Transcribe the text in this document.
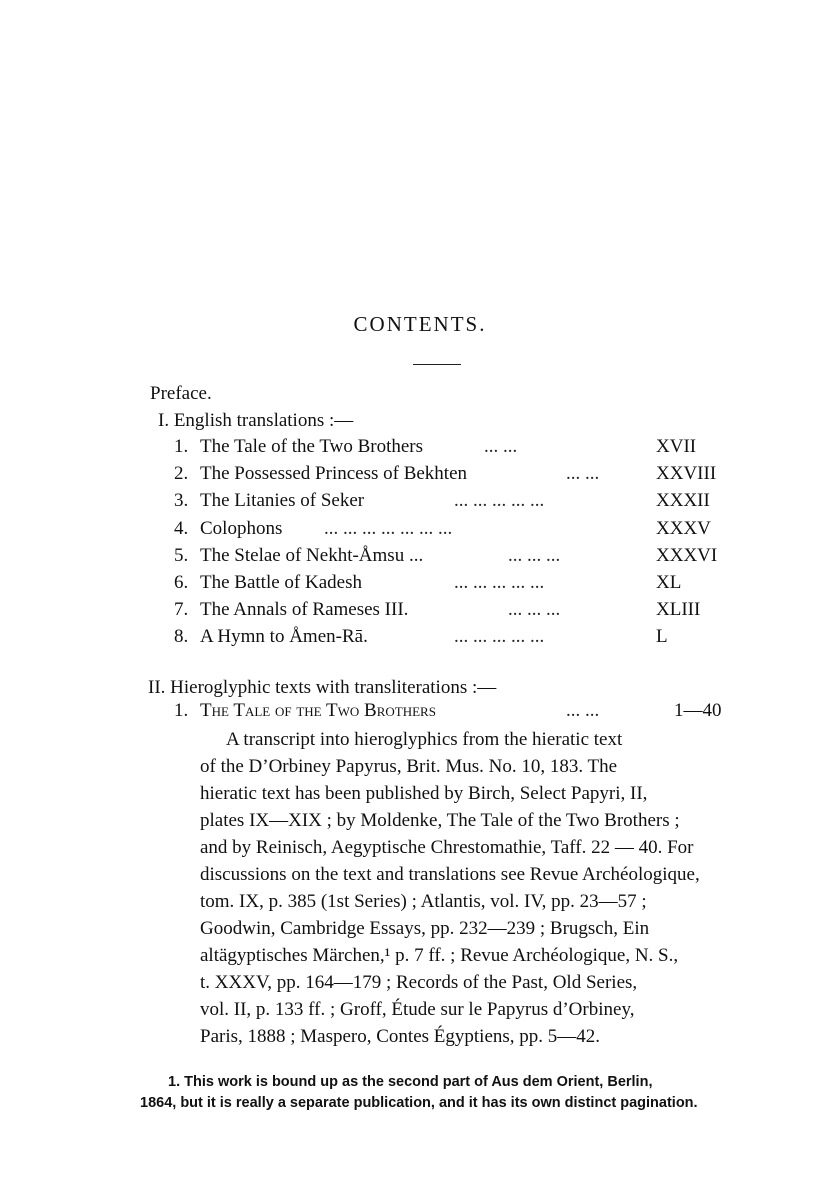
CONTENTS.
Preface.
I. English translations :—
1. The Tale of the Two Brothers	... ...	XVII
2. The Possessed Princess of Bekhten	... ...	XXVIII
3. The Litanies of Seker	... ... ... ... ...	XXXII
4. Colophons ... ... ... ... ... ... ...	XXXV
5. The Stelae of Nekht-Åmsu ...	... ... ...	XXXVI
6. The Battle of Kadesh	... ... ... ... ...	XL
7. The Annals of Rameses III.	... ... ...	XLIII
8. A Hymn to Åmen-Rā.	... ... ... ... ...	L
II. Hieroglyphic texts with transliterations :—
1. The Tale of the Two Brothers	... ...	1—40
A transcript into hieroglyphics from the hieratic text
of the D’Orbiney Papyrus, Brit. Mus. No. 10, 183. The
hieratic text has been published by Birch, Select Papyri, II,
plates IX—XIX ; by Moldenke, The Tale of the Two Brothers ;
and by Reinisch, Aegyptische Chrestomathie, Taff. 22 — 40. For
discussions on the text and translations see Revue Archéologique,
tom. IX, p. 385 (1st Series) ; Atlantis, vol. IV, pp. 23—57 ;
Goodwin, Cambridge Essays, pp. 232—239 ; Brugsch, Ein
altägyptisches Märchen,¹ p. 7 ff. ; Revue Archéologique, N. S.,
t. XXXV, pp. 164—179 ; Records of the Past, Old Series,
vol. II, p. 133 ff. ; Groff, Étude sur le Papyrus d’Orbiney,
Paris, 1888 ; Maspero, Contes Égyptiens, pp. 5—42.
1. This work is bound up as the second part of Aus dem Orient, Berlin,
1864, but it is really a separate publication, and it has its own distinct pagination.
